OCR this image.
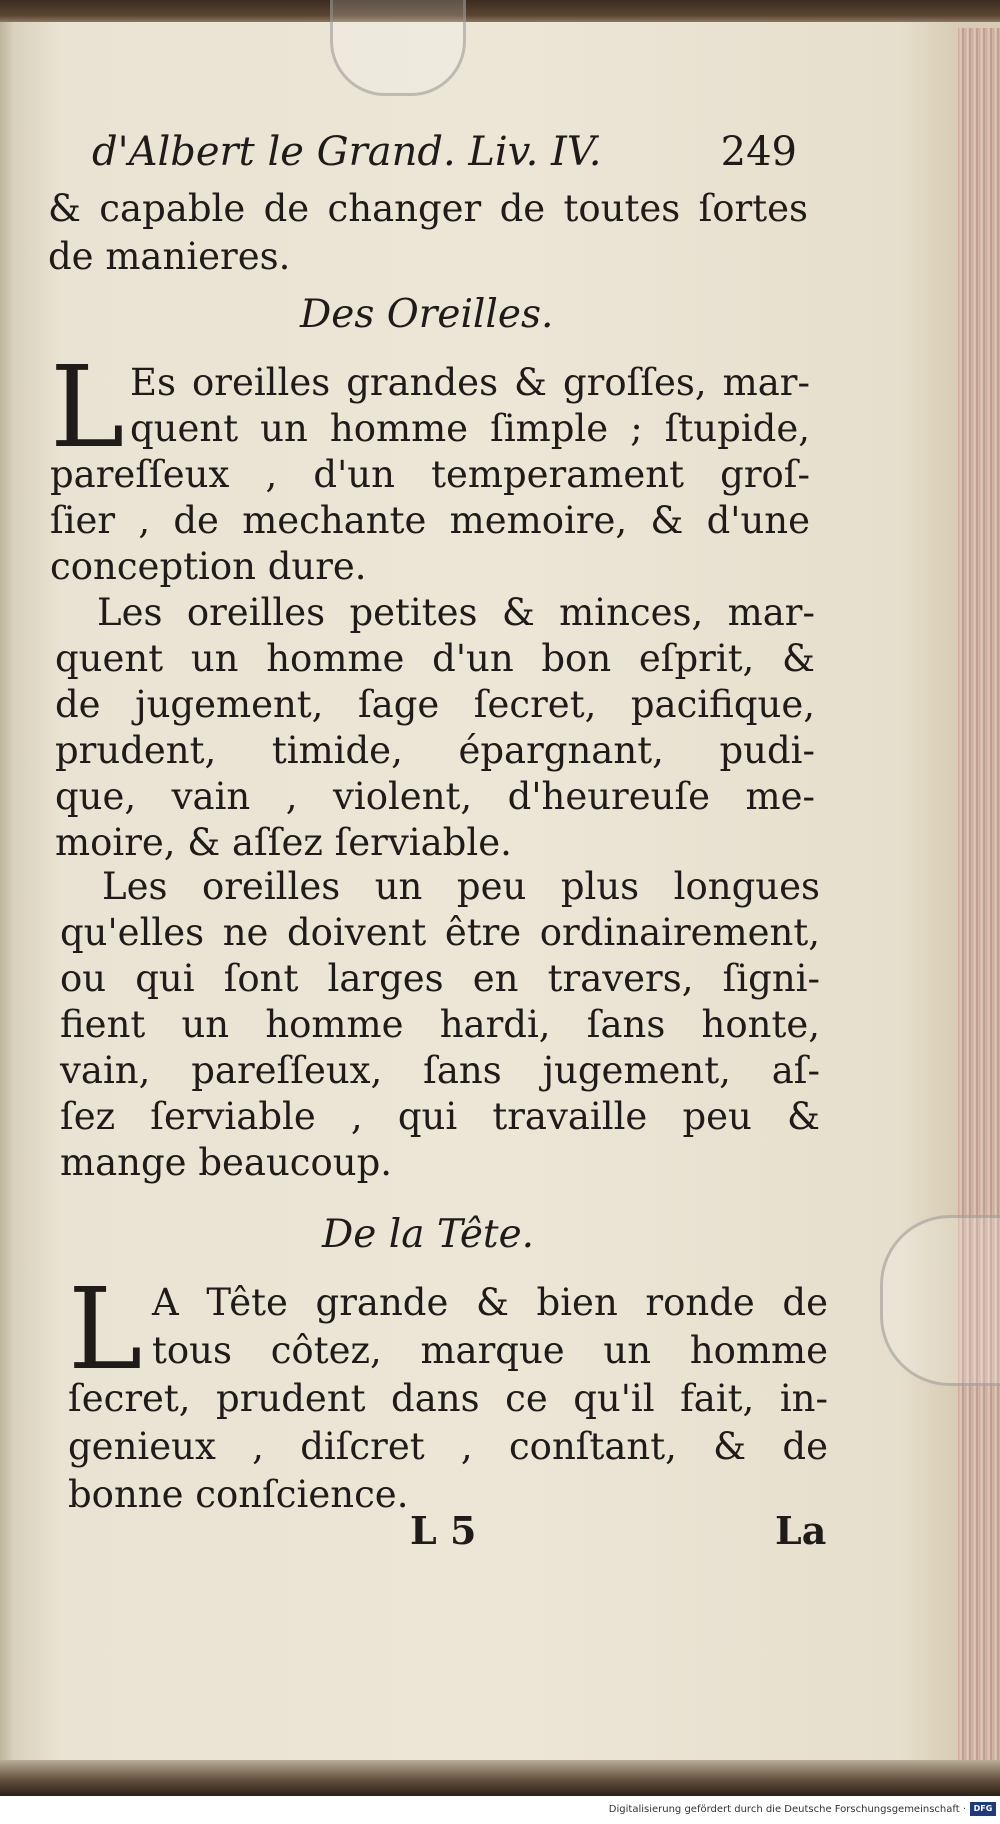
d'Albert le Grand. Liv. IV.	249
& capable de changer de toutes ſortes
de manieres.
Des Oreilles.
L Es oreilles grandes & groſſes, mar-
quent un homme ſimple ; ſtupide,
pareſſeux , d'un temperament groſ-
ſier , de mechante memoire, & d'une
conception dure.
Les oreilles petites & minces, mar-
quent un homme d'un bon eſprit, &
de jugement, ſage ſecret, pacifique,
prudent, timide, épargnant, pudi-
que, vain , violent, d'heureuſe me-
moire, & aſſez ſerviable.
Les oreilles un peu plus longues
qu'elles ne doivent être ordinairement,
ou qui ſont larges en travers, ſigni-
fient un homme hardi, ſans honte,
vain, pareſſeux, ſans jugement, aſ-
ſez ſerviable , qui travaille peu &
mange beaucoup.
De la Tête.
L A Tête grande & bien ronde de
tous côtez, marque un homme
ſecret, prudent dans ce qu'il fait, in-
genieux , diſcret , conſtant, & de
bonne conſcience.
L 5	La
Digitalisierung gefördert durch die Deutsche Forschungsgemeinschaft · DFG
